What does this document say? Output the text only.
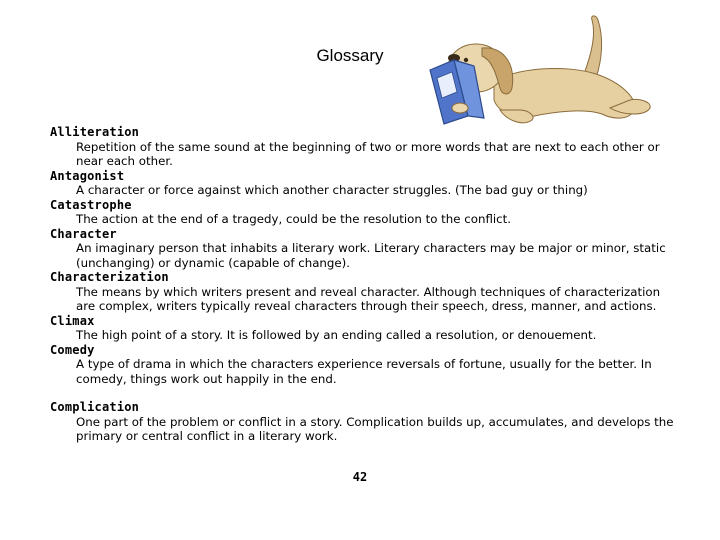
Glossary
Alliteration
Repetition of the same sound at the beginning of two or more words that are next to each other or near each other.
Antagonist
A character or force against which another character struggles. (The bad guy or thing)
Catastrophe
The action at the end of a tragedy, could be the resolution to the conflict.
Character
An imaginary person that inhabits a literary work. Literary characters may be major or minor, static (unchanging) or dynamic (capable of change).
Characterization
The means by which writers present and reveal character. Although techniques of characterization are complex, writers typically reveal characters through their speech, dress, manner, and actions.
Climax
The high point of a story. It is followed by an ending called a resolution, or denouement.
Comedy
A type of drama in which the characters experience reversals of fortune, usually for the better. In comedy, things work out happily in the end.
Complication
One part of the problem or conflict in a story. Complication builds up, accumulates, and develops the primary or central conflict in a literary work.
42
